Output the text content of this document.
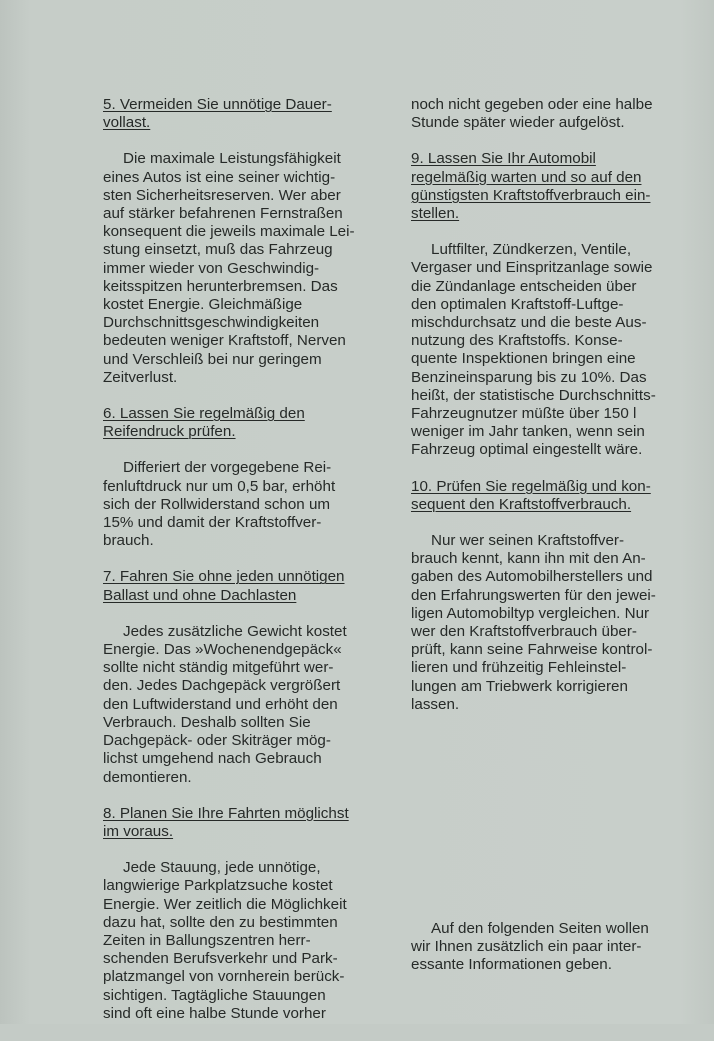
5. Vermeiden Sie unnötige Dauer-
vollast.
Die maximale Leistungsfähigkeit
eines Autos ist eine seiner wichtig-
sten Sicherheitsreserven. Wer aber
auf stärker befahrenen Fernstraßen
konsequent die jeweils maximale Lei-
stung einsetzt, muß das Fahrzeug
immer wieder von Geschwindig-
keitsspitzen herunterbremsen. Das
kostet Energie. Gleichmäßige
Durchschnittsgeschwindigkeiten
bedeuten weniger Kraftstoff, Nerven
und Verschleiß bei nur geringem
Zeitverlust.
6. Lassen Sie regelmäßig den
Reifendruck prüfen.
Differiert der vorgegebene Rei-
fenluftdruck nur um 0,5 bar, erhöht
sich der Rollwiderstand schon um
15% und damit der Kraftstoffver-
brauch.
7. Fahren Sie ohne jeden unnötigen
Ballast und ohne Dachlasten
Jedes zusätzliche Gewicht kostet
Energie. Das »Wochenendgepäck«
sollte nicht ständig mitgeführt wer-
den. Jedes Dachgepäck vergrößert
den Luftwiderstand und erhöht den
Verbrauch. Deshalb sollten Sie
Dachgepäck- oder Skiträger mög-
lichst umgehend nach Gebrauch
demontieren.
8. Planen Sie Ihre Fahrten möglichst
im voraus.
Jede Stauung, jede unnötige,
langwierige Parkplatzsuche kostet
Energie. Wer zeitlich die Möglichkeit
dazu hat, sollte den zu bestimmten
Zeiten in Ballungszentren herr-
schenden Berufsverkehr und Park-
platzmangel von vornherein berück-
sichtigen. Tagtägliche Stauungen
sind oft eine halbe Stunde vorher
noch nicht gegeben oder eine halbe
Stunde später wieder aufgelöst.
9. Lassen Sie Ihr Automobil
regelmäßig warten und so auf den
günstigsten Kraftstoffverbrauch ein-
stellen.
Luftfilter, Zündkerzen, Ventile,
Vergaser und Einspritzanlage sowie
die Zündanlage entscheiden über
den optimalen Kraftstoff-Luftge-
mischdurchsatz und die beste Aus-
nutzung des Kraftstoffs. Konse-
quente Inspektionen bringen eine
Benzineinsparung bis zu 10%. Das
heißt, der statistische Durchschnitts-
Fahrzeugnutzer müßte über 150 l
weniger im Jahr tanken, wenn sein
Fahrzeug optimal eingestellt wäre.
10. Prüfen Sie regelmäßig und kon-
sequent den Kraftstoffverbrauch.
Nur wer seinen Kraftstoffver-
brauch kennt, kann ihn mit den An-
gaben des Automobilherstellers und
den Erfahrungswerten für den jewei-
ligen Automobiltyp vergleichen. Nur
wer den Kraftstoffverbrauch über-
prüft, kann seine Fahrweise kontrol-
lieren und frühzeitig Fehleinstel-
lungen am Triebwerk korrigieren
lassen.
Auf den folgenden Seiten wollen
wir Ihnen zusätzlich ein paar inter-
essante Informationen geben.
